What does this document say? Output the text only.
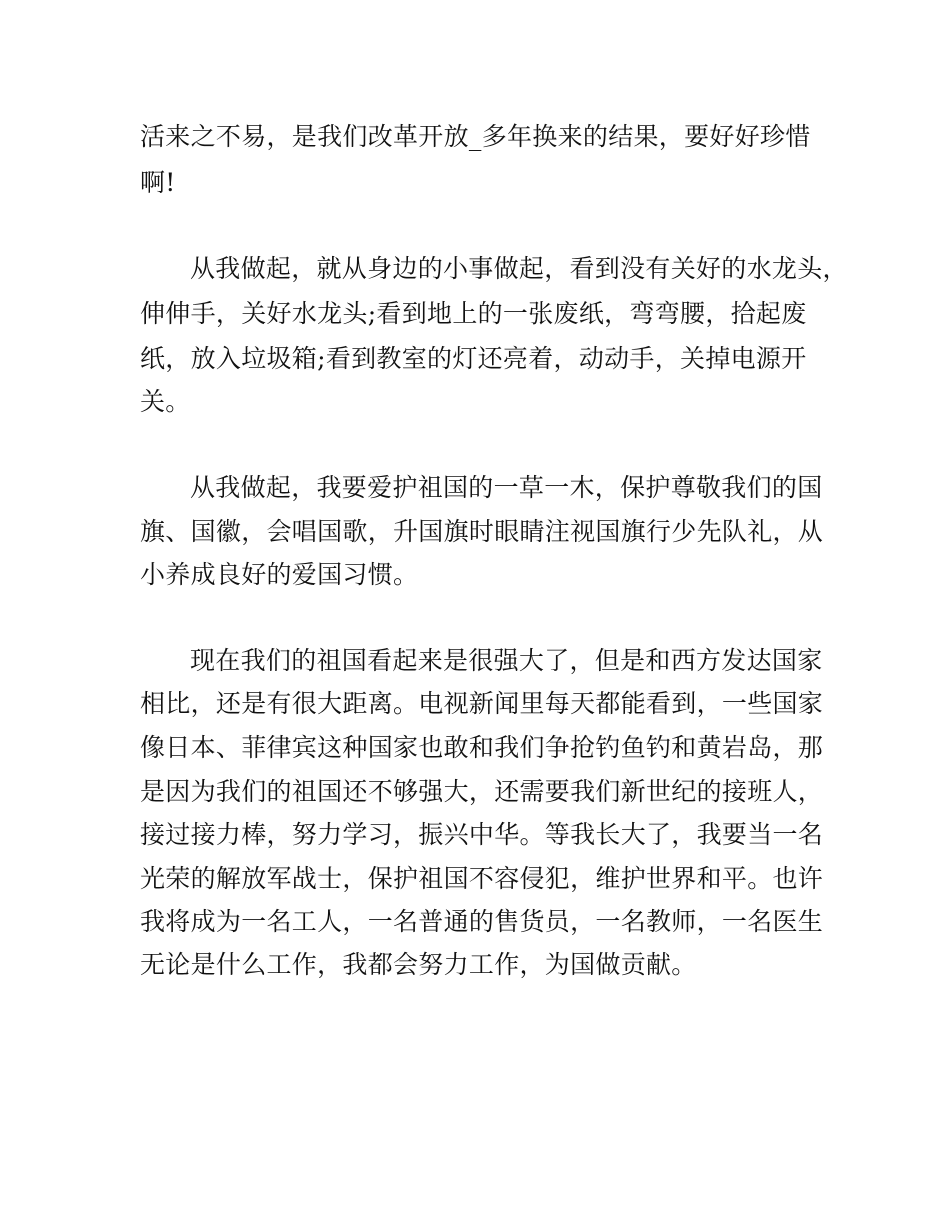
活来之不易，是我们改革开放_多年换来的结果，要好好珍惜
啊!
从我做起，就从身边的小事做起，看到没有关好的水龙头，
伸伸手，关好水龙头;看到地上的一张废纸，弯弯腰，拾起废
纸，放入垃圾箱;看到教室的灯还亮着，动动手，关掉电源开
关。
从我做起，我要爱护祖国的一草一木，保护尊敬我们的国
旗、国徽，会唱国歌，升国旗时眼睛注视国旗行少先队礼，从
小养成良好的爱国习惯。
现在我们的祖国看起来是很强大了，但是和西方发达国家
相比，还是有很大距离。电视新闻里每天都能看到，一些国家
像日本、菲律宾这种国家也敢和我们争抢钓鱼钓和黄岩岛，那
是因为我们的祖国还不够强大，还需要我们新世纪的接班人，
接过接力棒，努力学习，振兴中华。等我长大了，我要当一名
光荣的解放军战士，保护祖国不容侵犯，维护世界和平。也许
我将成为一名工人，一名普通的售货员，一名教师，一名医生
无论是什么工作，我都会努力工作，为国做贡献。
